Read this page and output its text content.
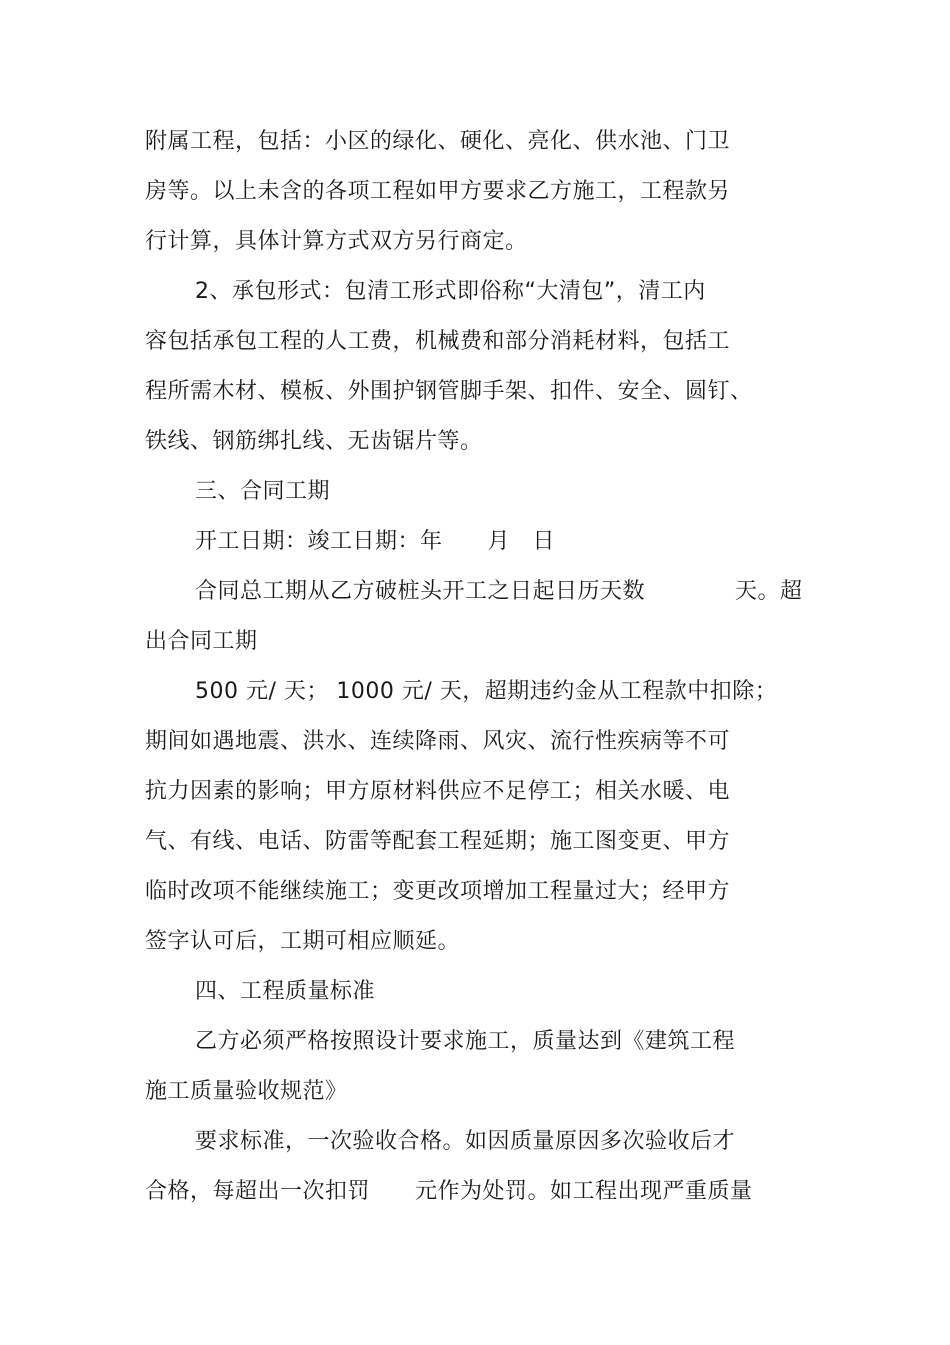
附属工程，包括：小区的绿化、硬化、亮化、供水池、门卫
房等。以上未含的各项工程如甲方要求乙方施工，工程款另
行计算，具体计算方式双方另行商定。
2、承包形式：包清工形式即俗称“大清包”，清工内
容包括承包工程的人工费，机械费和部分消耗材料，包括工
程所需木材、模板、外围护钢管脚手架、扣件、安全、圆钉、
铁线、钢筋绑扎线、无齿锯片等。
三、合同工期
开工日期：竣工日期：年　　月　日
合同总工期从乙方破桩头开工之日起日历天数　　　　天。超
出合同工期
500 元/ 天； 1000 元/ 天，超期违约金从工程款中扣除；
期间如遇地震、洪水、连续降雨、风灾、流行性疾病等不可
抗力因素的影响；甲方原材料供应不足停工；相关水暖、电
气、有线、电话、防雷等配套工程延期；施工图变更、甲方
临时改项不能继续施工；变更改项增加工程量过大；经甲方
签字认可后，工期可相应顺延。
四、工程质量标准
乙方必须严格按照设计要求施工，质量达到《建筑工程
施工质量验收规范》
要求标准，一次验收合格。如因质量原因多次验收后才
合格，每超出一次扣罚　　元作为处罚。如工程出现严重质量
